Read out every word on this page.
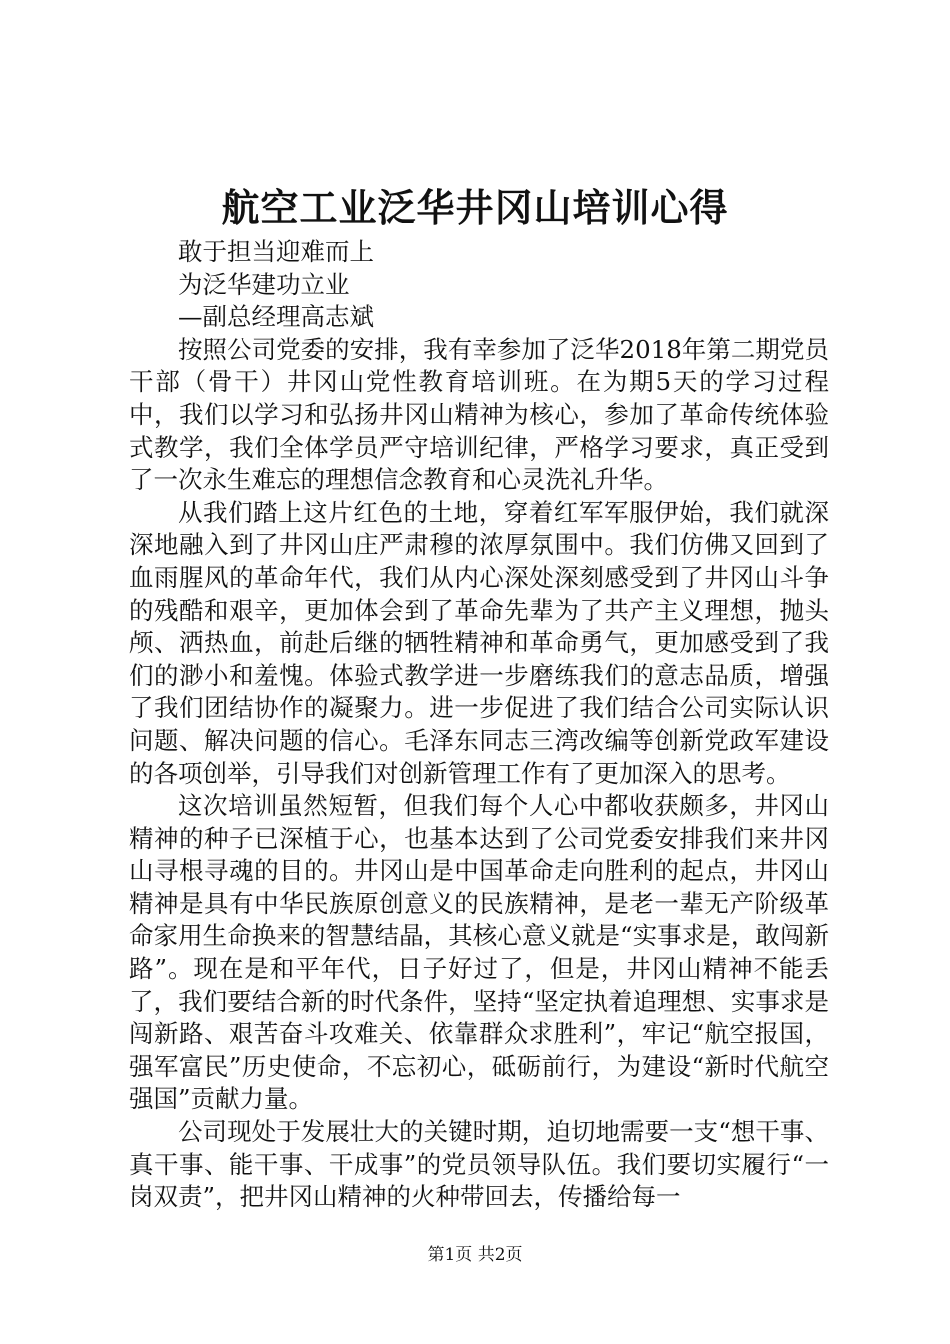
航空工业泛华井冈山培训心得

敢于担当迎难而上

为泛华建功立业

—副总经理高志斌

按照公司党委的安排，我有幸参加了泛华2018年第二期党员干部（骨干）井冈山党性教育培训班。在为期5天的学习过程中，我们以学习和弘扬井冈山精神为核心，参加了革命传统体验式教学，我们全体学员严守培训纪律，严格学习要求，真正受到了一次永生难忘的理想信念教育和心灵洗礼升华。

从我们踏上这片红色的土地，穿着红军军服伊始，我们就深深地融入到了井冈山庄严肃穆的浓厚氛围中。我们仿佛又回到了血雨腥风的革命年代，我们从内心深处深刻感受到了井冈山斗争的残酷和艰辛，更加体会到了革命先辈为了共产主义理想，抛头颅、洒热血，前赴后继的牺牲精神和革命勇气，更加感受到了我们的渺小和羞愧。体验式教学进一步磨练我们的意志品质，增强了我们团结协作的凝聚力。进一步促进了我们结合公司实际认识问题、解决问题的信心。毛泽东同志三湾改编等创新党政军建设的各项创举，引导我们对创新管理工作有了更加深入的思考。

这次培训虽然短暂，但我们每个人心中都收获颇多，井冈山精神的种子已深植于心，也基本达到了公司党委安排我们来井冈山寻根寻魂的目的。井冈山是中国革命走向胜利的起点，井冈山精神是具有中华民族原创意义的民族精神，是老一辈无产阶级革命家用生命换来的智慧结晶，其核心意义就是“实事求是，敢闯新路”。现在是和平年代，日子好过了，但是，井冈山精神不能丢了，我们要结合新的时代条件，坚持“坚定执着追理想、实事求是闯新路、艰苦奋斗攻难关、依靠群众求胜利”，牢记“航空报国，强军富民”历史使命，不忘初心，砥砺前行，为建设“新时代航空强国”贡献力量。

公司现处于发展壮大的关键时期，迫切地需要一支“想干事、真干事、能干事、干成事”的党员领导队伍。我们要切实履行“一岗双责”，把井冈山精神的火种带回去，传播给每一

第1页 共2页
